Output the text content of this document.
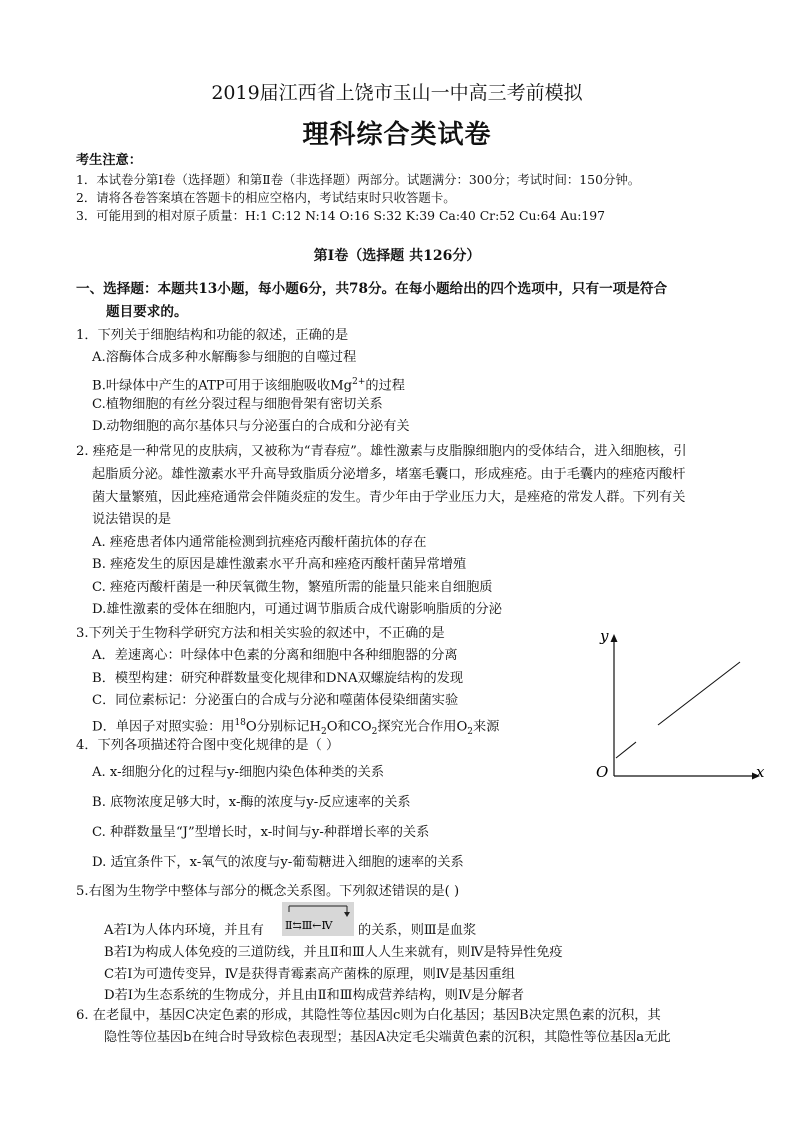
2019届江西省上饶市玉山一中高三考前模拟
理科综合类试卷
考生注意：
1．本试卷分第Ⅰ卷（选择题）和第Ⅱ卷（非选择题）两部分。试题满分：300分；考试时间：150分钟。
2．请将各卷答案填在答题卡的相应空格内，考试结束时只收答题卡。
3．可能用到的相对原子质量：H:1 C:12 N:14 O:16 S:32 K:39 Ca:40 Cr:52 Cu:64 Au:197
第Ⅰ卷（选择题 共126分）
一、选择题：本题共13小题，每小题6分，共78分。在每小题给出的四个选项中，只有一项是符合
题目要求的。
1．下列关于细胞结构和功能的叙述，正确的是
A.溶酶体合成多种水解酶参与细胞的自噬过程
B.叶绿体中产生的ATP可用于该细胞吸收$Mg^{2+}$的过程
C.植物细胞的有丝分裂过程与细胞骨架有密切关系
D.动物细胞的高尔基体只与分泌蛋白的合成和分泌有关
2. 痤疮是一种常见的皮肤病，又被称为“青春痘”。雄性激素与皮脂腺细胞内的受体结合，进入细胞核，引
起脂质分泌。雄性激素水平升高导致脂质分泌增多，堵塞毛囊口，形成痤疮。由于毛囊内的痤疮丙酸杆
菌大量繁殖，因此痤疮通常会伴随炎症的发生。青少年由于学业压力大，是痤疮的常发人群。下列有关
说法错误的是
A. 痤疮患者体内通常能检测到抗痤疮丙酸杆菌抗体的存在
B. 痤疮发生的原因是雄性激素水平升高和痤疮丙酸杆菌异常增殖
C. 痤疮丙酸杆菌是一种厌氧微生物，繁殖所需的能量只能来自细胞质
D.雄性激素的受体在细胞内，可通过调节脂质合成代谢影响脂质的分泌
3.下列关于生物科学研究方法和相关实验的叙述中，不正确的是
A．差速离心：叶绿体中色素的分离和细胞中各种细胞器的分离
B．模型构建：研究种群数量变化规律和DNA双螺旋结构的发现
C．同位素标记：分泌蛋白的合成与分泌和噬菌体侵染细菌实验
D．单因子对照实验：用$^{18}$O分别标记$H_2O$和$CO_2$探究光合作用$O_2$来源
4．下列各项描述符合图中变化规律的是（ ）
A. x-细胞分化的过程与y-细胞内染色体种类的关系
B. 底物浓度足够大时，x-酶的浓度与y-反应速率的关系
C. 种群数量呈“J”型增长时，x-时间与y-种群增长率的关系
D. 适宜条件下，x-氧气的浓度与y-葡萄糖进入细胞的速率的关系
y
O	x
5.右图为生物学中整体与部分的概念关系图。下列叙述错误的是( )
A若Ⅰ为人体内环境，并且有 Ⅱ⇆Ⅲ←Ⅳ 的关系，则Ⅲ是血浆
B若Ⅰ为构成人体免疫的三道防线，并且Ⅱ和Ⅲ人人生来就有，则Ⅳ是特异性免疫
C若Ⅰ为可遗传变异，Ⅳ是获得青霉素高产菌株的原理，则Ⅳ是基因重组
D若Ⅰ为生态系统的生物成分，并且由Ⅱ和Ⅲ构成营养结构，则Ⅳ是分解者
6. 在老鼠中，基因C决定色素的形成，其隐性等位基因c则为白化基因；基因B决定黑色素的沉积，其
隐性等位基因b在纯合时导致棕色表现型；基因A决定毛尖端黄色素的沉积，其隐性等位基因a无此
